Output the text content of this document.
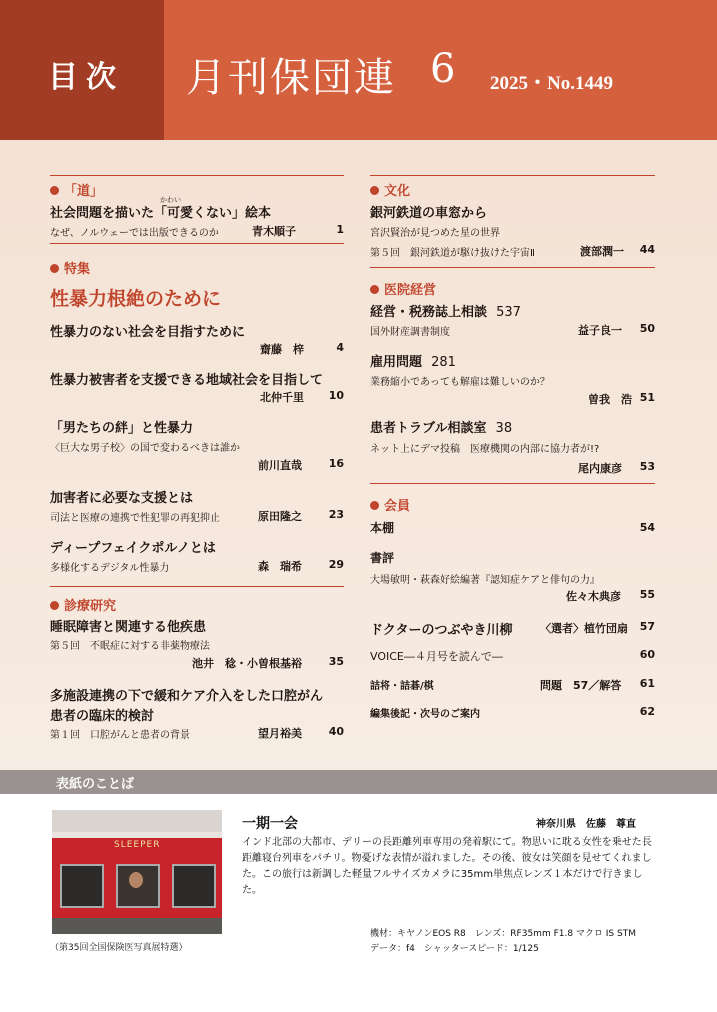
目次 月刊保団連 6 2025・No.1449
「道」
かわい
社会問題を描いた「可愛くない」絵本
なぜ、ノルウェーでは出版できるのか	青木順子	1
特集
性暴力根絶のために
性暴力のない社会を目指すために
齋藤　梓	4
性暴力被害者を支援できる地域社会を目指して
北仲千里	10
「男たちの絆」と性暴力
〈巨大な男子校〉の国で変わるべきは誰か
前川直哉	16
加害者に必要な支援とは
司法と医療の連携で性犯罪の再犯抑止	原田隆之	23
ディープフェイクポルノとは
多様化するデジタル性暴力	森　瑞希	29
診療研究
睡眠障害と関連する他疾患
第５回　不眠症に対する非薬物療法
池井　稔・小曽根基裕	35
多施設連携の下で緩和ケア介入をした口腔がん
患者の臨床的検討
第１回　口腔がんと患者の背景	望月裕美	40
文化
銀河鉄道の車窓から
宮沢賢治が見つめた星の世界
第５回　銀河鉄道が駆け抜けた宇宙Ⅱ	渡部潤一	44
医院経営
経営・税務誌上相談 537
国外財産調書制度	益子良一	50
雇用問題 281
業務縮小であっても解雇は難しいのか？
曽我　浩 51
患者トラブル相談室 38
ネット上にデマ投稿　医療機関の内部に協力者が!?
尾内康彦	53
会員
本棚	54
書評
大場敏明・萩森好絵編著『認知症ケアと俳句の力』
佐々木典彦	55
ドクターのつぶやき川柳	〈選者〉植竹団扇	57
VOICE―４月号を読んで―	60
詰将・詰碁/棋	問題　57／解答	61
編集後記・次号のご案内	62
表紙のことば
SLEEPER
（第35回全国保険医写真展特選）
一期一会	神奈川県　佐藤　尊直
インド北部の大都市、デリーの長距離列車専用の発着駅にて。物思いに耽る女性を乗せた長距離寝台列車をパチリ。物憂げな表情が溢れました。その後、彼女は笑顔を見せてくれました。この旅行は新調した軽量フルサイズカメラに35mm単焦点レンズ１本だけで行きました。
機材：キヤノンEOS R8　レンズ：RF35mm F1.8 マクロ IS STM
データ：f4　シャッタースピード：1/125
